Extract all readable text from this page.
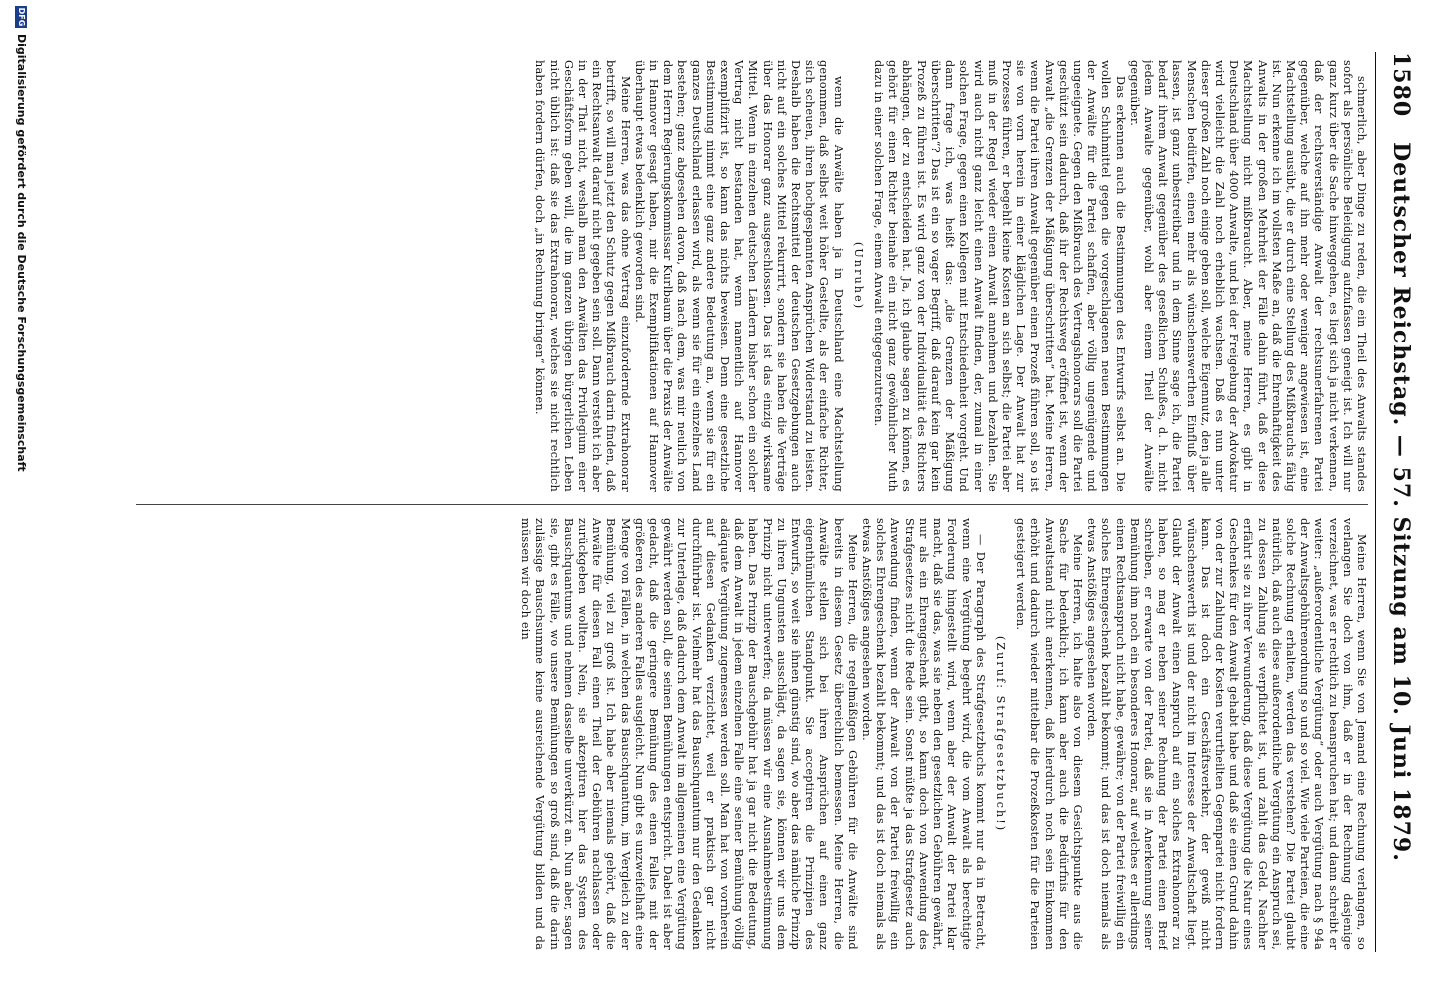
1580
Deutscher Reichstag. — 57. Sitzung am 10. Juni 1879.

schmerlich, aber Dinge zu reden, die ein Theil des Anwalts standes sofort als persönliche Beleidigung aufzufassen geneigt ist. Ich will nur ganz kurz über die Sache hinweggehen, es liegt sich ja nicht verkennen, daß der rechtsverständige Anwalt der rechtsunerfahrenen Partei gegenüber, welche auf ihn mehr oder weniger angewiesen ist, eine Machtstellung ausübt, die er durch eine Stellung des Mißbrauchs fähig ist. Nun erkenne ich im vollsten Maße an, daß die Ehrenhaftigkeit des Anwalts in der großen Mehrheit der Fälle dahin führt, daß er diese Machtstellung nicht mißbraucht. Aber, meine Herren, es gibt in Deutschland über 4000 Anwalte, und bei der Freigebung der Advokatur wird vielleicht die Zahl noch erheblich wachsen. Daß es nun unter dieser großen Zahl noch einige geben soll, welche Eigennutz, den ja alle Menschen bedürfen, einen mehr als wünschenswerthen Einfluß über lassen, ist ganz unbestreitbar und in dem Sinne sage ich, die Partei bedarf ihrem Anwalt gegenüber des geseßlichen Schußes, d. h. nicht jedem Anwalte gegenüber, wohl aber einem Theil der Anwälte gegenüber.

Das erkennen auch die Bestimmungen des Entwurfs selbst an. Die wollen Schuhmittel gegen die vorgeschlagenen neuen Bestimmungen der Anwälte für die Partei schaffen, aber völlig ungenügende und ungeeignete. Gegen den Mißbrauch des Vertragshonorars soll die Partei geschützt sein dadurch, daß ihr der Rechtsweg eröffnet ist, wenn der Anwalt „die Grenzen der Mäßigung überschritten“ hat. Meine Herren, wenn die Partei ihren Anwalt gegenüber einen Prozeß führen soll, so ist sie von vorn herein in einer kläglichen Lage. Der Anwalt hat zur Prozesse führen, er begehlt keine Kosten an sich selbst; die Partei aber muß in der Regel wieder einen Anwalt annehmen und bezahlen. Sie wird auch nicht ganz leicht einen Anwalt finden, der, zumal in einer solchen Frage, gegen einen Kollegen mit Entschiedenheit vorgeht. Und dann frage ich, was heißt das: „die Grenzen der Mäßigung überschritten“? Das ist ein so vager Begriff, daß darauf kein gar kein Prozeß zu führen ist. Es wird ganz von der Individualität des Richters abhängen, der zu entscheiden hat. Ja, ich glaube sagen zu können, es gehört für einen Richter beinahe ein nicht ganz gewöhnlicher Muth dazu in einer solchen Frage, einem Anwalt entgegenzutreten.

(Unruhe)

wenn die Anwälte haben ja in Deutschland eine Machtstellung genommen, daß selbst weit höher Gestellte, als der einfache Richter, sich scheuen, ihren hochgespannten Ansprüchen Widerstand zu leisten. Deshalb haben die Rechtsmittel der deutschen Gesetzgebungen auch nicht auf ein solches Mittel rekurrirt, sondern sie haben die Verträge über das Honorar ganz ausgeschlossen. Das ist das einzig wirksame Mittel. Wenn in einzelnen deutschen Ländern bisher schon ein solcher Vertrag nicht bestanden hat, wenn namentlich auf Hannover exemplifizirt ist, so kann das nichts beweisen. Denn eine gesetzliche Bestimmung nimmt eine ganz andere Bedeutung an, wenn sie für ein ganzes Deutschland erlassen wird, als wenn sie für ein einzelnes Land bestehen; ganz abgesehen davon, daß nach dem, was mir neulich von dem Herrn Regierungskommissar Kurlbaum über die Praxis der Anwälte in Hannover gesagt haben, mir die Exemplifikationen auf Hannover überhaupt etwas bedenklich geworden sind.

Meine Herren, was das ohne Vertrag einzufordernde Extrahonorar betrifft, so will man jetzt den Schutz gegen Mißbrauch darin finden, daß ein Rechtsanwalt darauf nicht gegeben sein soll. Dann versteht ich aber in der That nicht, weshalb man den Anwälten das Privilegium einer Geschäftsform geben will, die im ganzen übrigen bürgerlichen Leben nicht üblich ist: daß sie das Extrahonorar, welches sie nicht rechtlich haben fordern dürfen, doch „in Rechnung bringen“ können.

Meine Herren, wenn Sie von Jemand eine Rechnung verlangen, so verlangen Sie doch von ihm, daß er in der Rechnung dasjenige verzeichnet, was er rechtlich zu beanspruchen hat; und dann schreibt er weiter: „außerordentliche Vergütung“ oder auch Vergütung nach § 94a der Anwaltsgebührenordnung so und so viel. Wie viele Parteien, die eine solche Rechnung erhalten, werden das verstehen? Die Partei glaubt natürlich, daß auch diese außerordentliche Vergütung ein Anspruch sei, zu dessen Zahlung sie verpflichtet ist, und zahlt das Geld. Nachher erfährt sie zu ihrer Verwunderung, daß diese Vergütung die Natur eines Geschenkes für den Anwalt gehabt habe und daß sie einen Grund dahin von der zur Zahlung der Kosten verurtheilten Gegenpartei nicht fordern kann. Das ist doch ein Geschäftsverkehr, der gewiß nicht wünschenswerth ist und der nicht im Interesse der Anwaltschaft liegt. Glaubt der Anwalt einen Anspruch auf ein solches Extrahonorar zu haben, so mag er neben seiner Rechnung der Partei einen Brief schreiben, er erwarte von der Partei, daß sie in Anerkennung seiner Bemühung ihm noch ein besonderes Honorar, auf welches er allerdings einen Rechtsanspruch nicht habe, gewähre; von der Partei freiwillig ein solches Ehrengeschenk bezahlt bekommt; und das ist doch niemals als etwas Anstößiges angesehen worden.

Meine Herren, ich halte also von diesem Gesichtspunkte aus die Sache für bedenklich; ich kann aber auch die Bedürfnis für den Anwaltstand nicht anerkennen, daß hierdurch noch sein Einkommen erhöht und dadurch wieder mittelbar die Prozeßkosten für die Parteien gesteigert werden.

(Zuruf: Strafgesetzbuch!)

— Der Paragraph des Strafgesetzbuchs kommt nur da in Betracht, wenn eine Vergütung begehrt wird, die vom Anwalt als berechtigte Forderung hingestellt wird, wenn aber der Anwalt der Partei klar macht, daß sie das, was sie neben den gesetzlichen Gebühren gewährt, nur als ein Ehrengeschenk gibt, so kann doch von Anwendung des Strafgesetzes nicht die Rede sein. Sonst müßte ja das Strafgesetz auch Anwendung finden, wenn der Anwalt von der Partei freiwillig ein solches Ehrengeschenk bezahlt bekommt; und das ist doch niemals als etwas Anstößiges angesehen worden.

Meine Herren, die regelmäßigen Gebühren für die Anwälte sind bereits in diesem Gesetz übereichlich bemessen. Meine Herren, die Anwälte stellen sich bei ihren Ansprüchen auf einen ganz eigenthümlichen Standpunkt. Sie acceptiren die Prinzipien des Entwurfs, so weit sie ihnen günstig sind, wo aber das nämliche Prinzip zu ihren Ungunsten ausschlägt, da sagen sie, können wir uns dem Prinzip nicht unterwerfen; da müssen wir eine Ausnahmebestimmung haben. Das Prinzip der Bauschgebühr hat ja gar nicht die Bedeutung, daß dem Anwalt in jedem einzelnen Falle eine seiner Bemühung völlig adäquate Vergütung zugemessen werden soll. Man hat von vornherein auf diesen Gedanken verzichtet, weil er praktisch gar nicht durchführbar ist. Vielmehr hat das Bauschquantum nur den Gedanken zur Unterlage, daß dadurch dem Anwalt im allgemeinen eine Vergütung gewährt werden soll, die seinen Bemühungen entspricht. Dabei ist aber gedacht, daß die geringere Bemühung des einen Falles mit der größeren des anderen Falles ausgleicht. Nun gibt es unzweifelhaft eine Menge von Fällen, in welchen das Bauschquantum, im Vergleich zu der Bemühung, viel zu groß ist. Ich habe aber niemals gehört, daß die Anwälte für diesen Fall einen Theil der Gebühren nachlassen oder zurückgeben wollten. Nein, sie akzeptiren hier das System des Bauschquantums und nehmen dasselbe unverkürzt an. Nun aber, sagen sie, gibt es Fälle, wo unsere Bemühungen so groß sind, daß die darin zulässige Bauschsumme keine ausreichende Vergütung bilden und da müssen wir doch ein

DFGDigitalisierung gefördert durch die Deutsche Forschungsgemeinschaft
